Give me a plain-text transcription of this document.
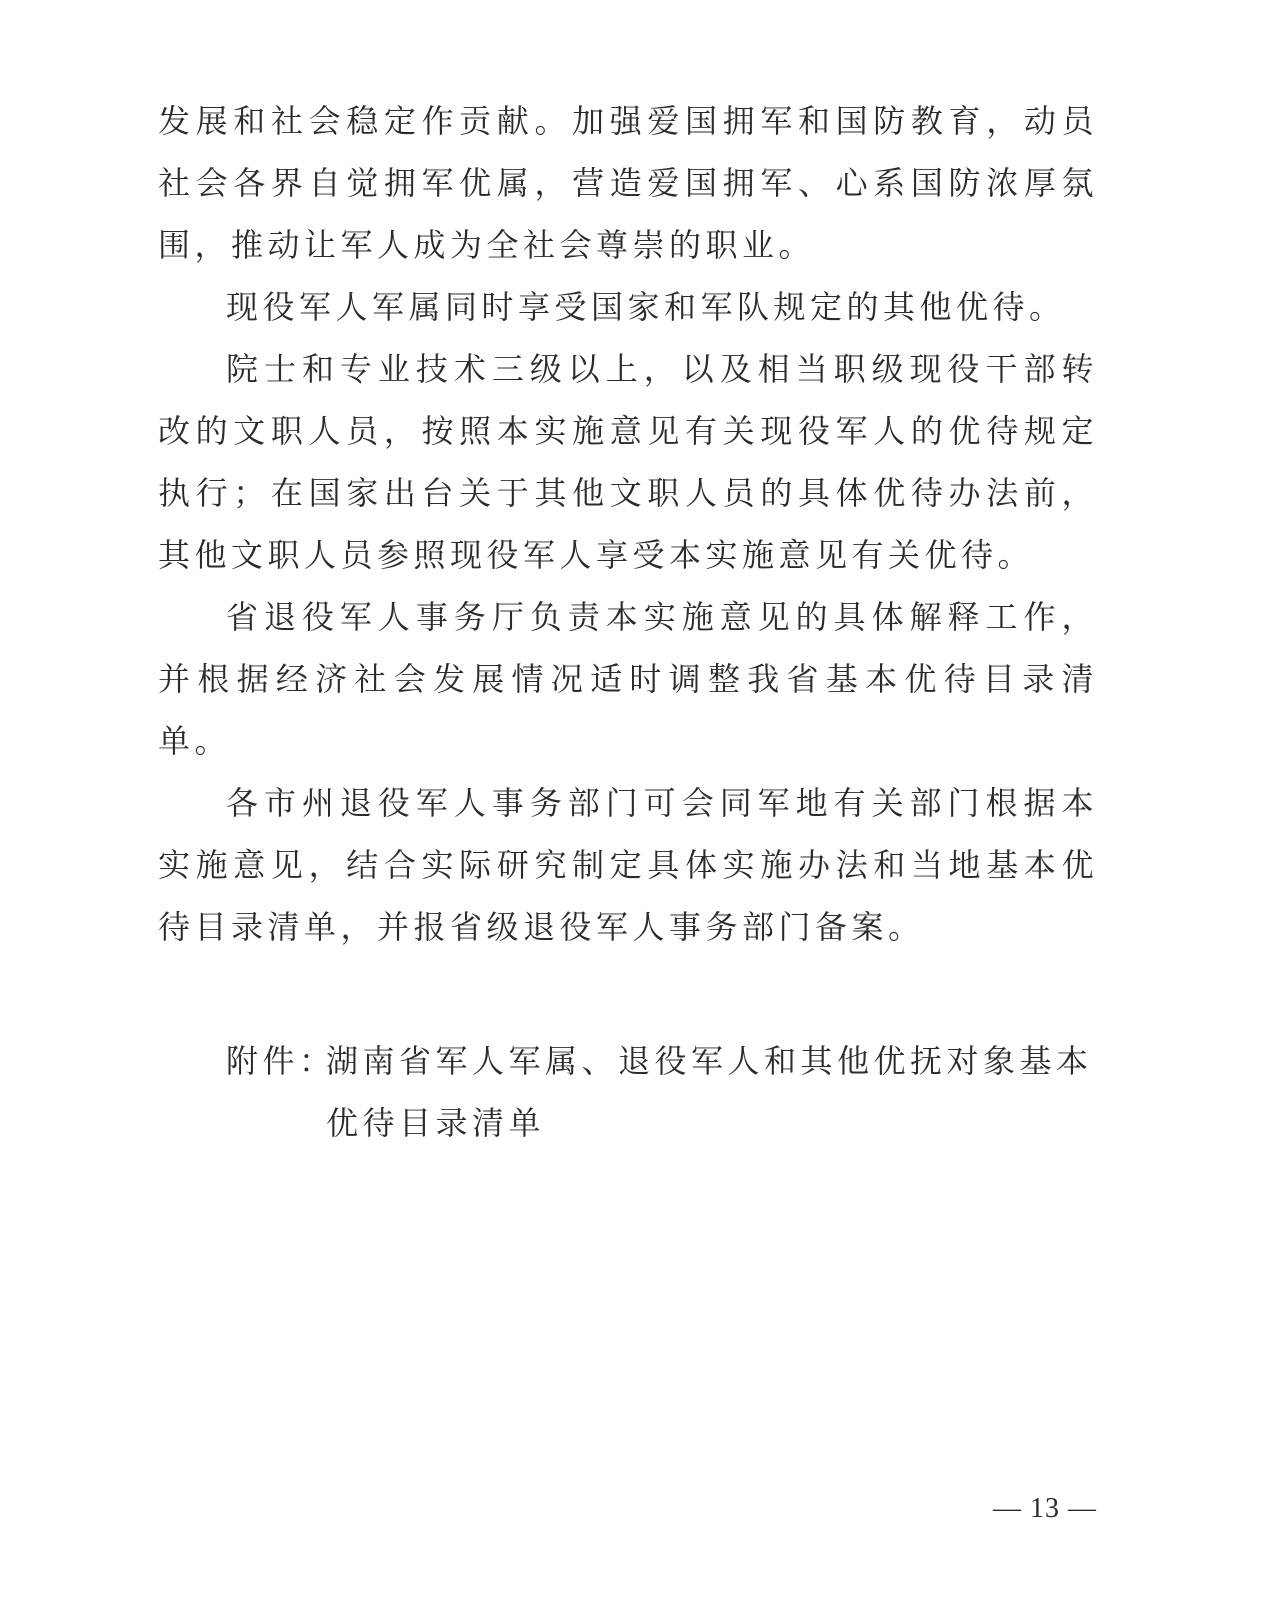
发展和社会稳定作贡献。加强爱国拥军和国防教育，动员社会各界自觉拥军优属，营造爱国拥军、心系国防浓厚氛围，推动让军人成为全社会尊崇的职业。

现役军人军属同时享受国家和军队规定的其他优待。

院士和专业技术三级以上，以及相当职级现役干部转改的文职人员，按照本实施意见有关现役军人的优待规定执行；在国家出台关于其他文职人员的具体优待办法前，其他文职人员参照现役军人享受本实施意见有关优待。

省退役军人事务厅负责本实施意见的具体解释工作，并根据经济社会发展情况适时调整我省基本优待目录清单。

各市州退役军人事务部门可会同军地有关部门根据本实施意见，结合实际研究制定具体实施办法和当地基本优待目录清单，并报省级退役军人事务部门备案。

附件：
湖南省军人军属、退役军人和其他优抚对象基本优待目录清单
— 13 —
